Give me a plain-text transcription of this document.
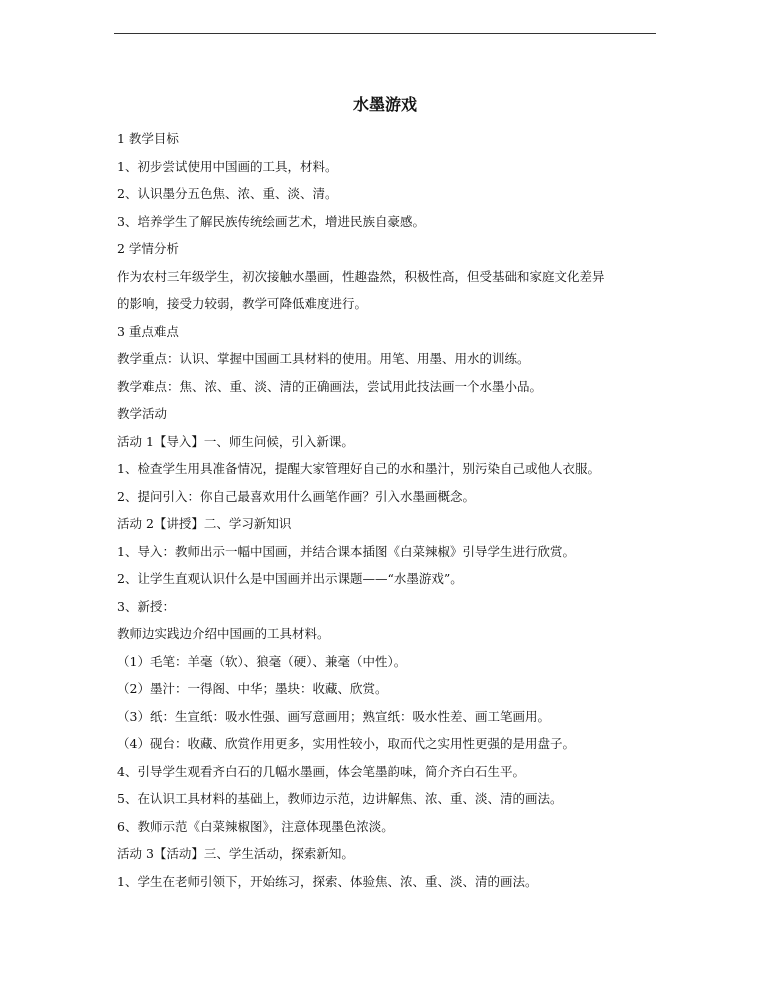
水墨游戏
1 教学目标
1、初步尝试使用中国画的工具，材料。
2、认识墨分五色焦、浓、重、淡、清。
3、培养学生了解民族传统绘画艺术，增进民族自豪感。
2 学情分析
作为农村三年级学生，初次接触水墨画，性趣盎然，积极性高，但受基础和家庭文化差异
的影响，接受力较弱，教学可降低难度进行。
3 重点难点
教学重点：认识、掌握中国画工具材料的使用。用笔、用墨、用水的训练。
教学难点：焦、浓、重、淡、清的正确画法，尝试用此技法画一个水墨小品。
教学活动
活动 1【导入】一、师生问候，引入新课。
1、检查学生用具准备情况，提醒大家管理好自己的水和墨汁，别污染自己或他人衣服。
2、提问引入：你自己最喜欢用什么画笔作画？引入水墨画概念。
活动 2【讲授】二、学习新知识
1、导入：教师出示一幅中国画，并结合课本插图《白菜辣椒》引导学生进行欣赏。
2、让学生直观认识什么是中国画并出示课题——“水墨游戏”。
3、新授：
教师边实践边介绍中国画的工具材料。
（1）毛笔：羊毫（软）、狼毫（硬）、兼毫（中性）。
（2）墨汁：一得阁、中华；墨块：收藏、欣赏。
（3）纸：生宣纸：吸水性强、画写意画用；熟宣纸：吸水性差、画工笔画用。
（4）砚台：收藏、欣赏作用更多，实用性较小，取而代之实用性更强的是用盘子。
4、引导学生观看齐白石的几幅水墨画，体会笔墨韵味，简介齐白石生平。
5、在认识工具材料的基础上，教师边示范，边讲解焦、浓、重、淡、清的画法。
6、教师示范《白菜辣椒图》，注意体现墨色浓淡。
活动 3【活动】三、学生活动，探索新知。
1、学生在老师引领下，开始练习，探索、体验焦、浓、重、淡、清的画法。
